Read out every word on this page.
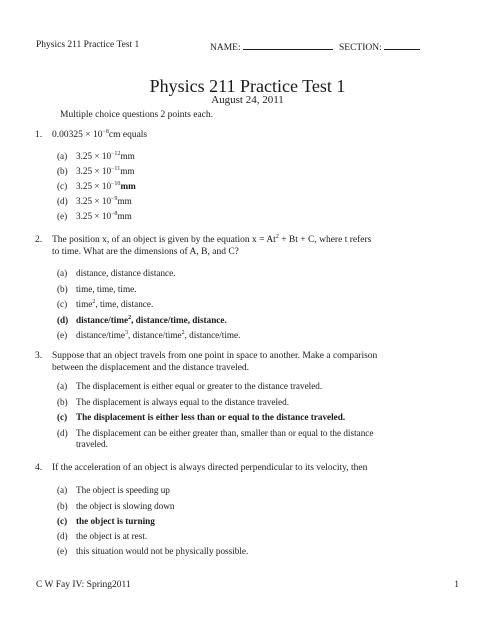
Physics 211 Practice Test 1	NAME:	SECTION:
Physics 211 Practice Test 1
August 24, 2011
Multiple choice questions 2 points each.
1. $0.00325 \times 10^{-8}cm$ equals
(a) $3.25 \times 10^{-12}mm$
(b) $3.25 \times 10^{-11}mm$
(c) $3.25 \times 10^{-10}mm$
(d) $3.25 \times 10^{-9}mm$
(e) $3.25 \times 10^{-8}mm$
2. The position x, of an object is given by the equation $x = At^2 + Bt + C$, where t refers
to time. What are the dimensions of A, B, and C?
(a) distance, distance distance.
(b) time, time, time.
(c) time$^2$, time, distance.
(d) distance/time$^2$, distance/time, distance.
(e) distance/time$^3$, distance/time$^2$, distance/time.
3. Suppose that an object travels from one point in space to another. Make a comparison
between the displacement and the distance traveled.
(a) The displacement is either equal or greater to the distance traveled.
(b) The displacement is always equal to the distance traveled.
(c) The displacement is either less than or equal to the distance traveled.
(d) The displacement can be either greater than, smaller than or equal to the distance
traveled.
4. If the acceleration of an object is always directed perpendicular to its velocity, then
(a) The object is speeding up
(b) the object is slowing down
(c) the object is turning
(d) the object is at rest.
(e) this situation would not be physically possible.
C W Fay IV: Spring2011	1
